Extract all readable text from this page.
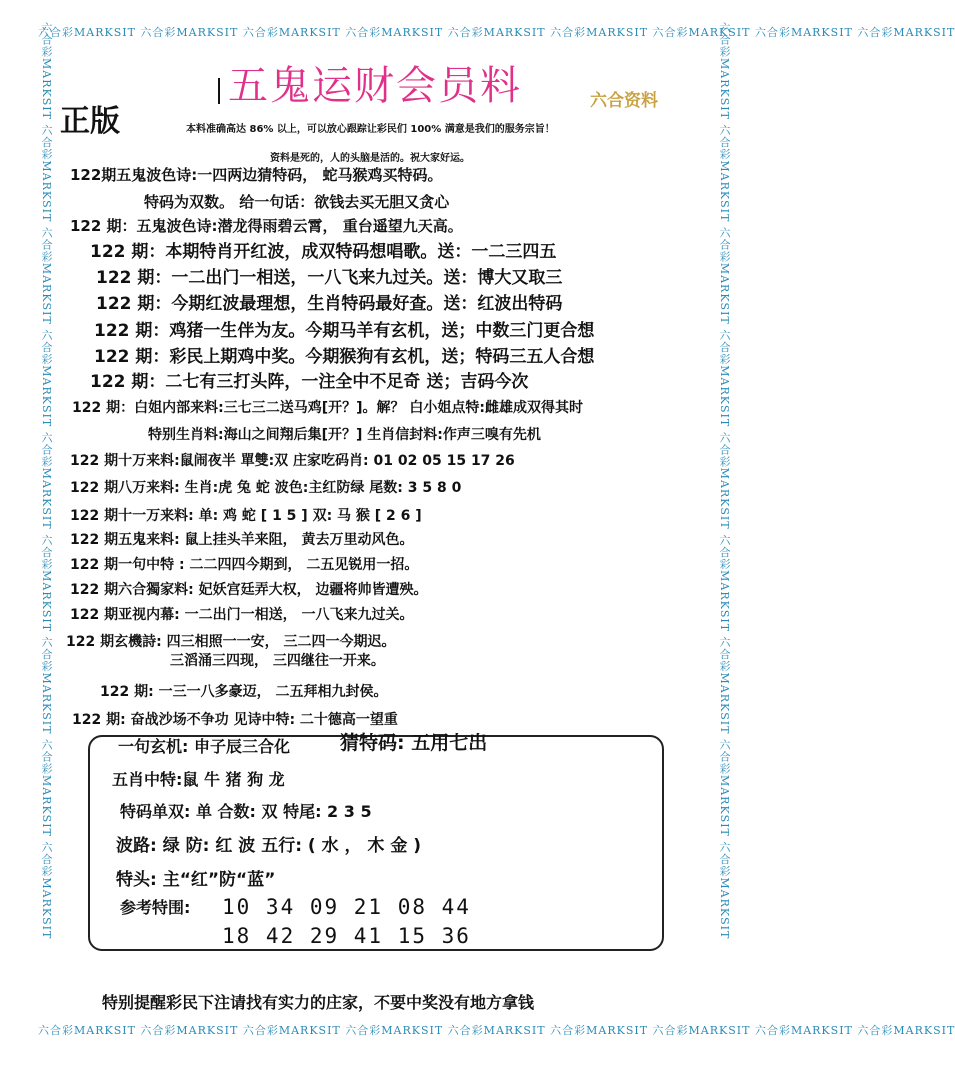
六合彩MARKSIT 六合彩MARKSIT 六合彩MARKSIT 六合彩MARKSIT 六合彩MARKSIT 六合彩MARKSIT 六合彩MARKSIT 六合彩MARKSIT 六合彩MARKSIT
六合彩MARKSIT 六合彩MARKSIT 六合彩MARKSIT 六合彩MARKSIT 六合彩MARKSIT 六合彩MARKSIT 六合彩MARKSIT 六合彩MARKSIT 六合彩MARKSIT
六合彩MARKSIT 六合彩MARKSIT 六合彩MARKSIT 六合彩MARKSIT 六合彩MARKSIT 六合彩MARKSIT 六合彩MARKSIT 六合彩MARKSIT 六合彩MARKSIT	六合彩MARKSIT 六合彩MARKSIT 六合彩MARKSIT 六合彩MARKSIT 六合彩MARKSIT 六合彩MARKSIT 六合彩MARKSIT 六合彩MARKSIT 六合彩MARKSIT
五鬼运财会员料
正版
六合资料
本料准确高达 86% 以上，可以放心跟踪让彩民们 100% 满意是我们的服务宗旨！
资料是死的，人的头脑是活的。祝大家好运。
122期五鬼波色诗:一四两边猜特码， 蛇马猴鸡买特码。
特码为双数。 给一句话：欲钱去买无胆又贪心
122 期：五鬼波色诗:潜龙得雨碧云霄， 重台遥望九天高。
122 期：本期特肖开红波，成双特码想唱歌。送：一二三四五
122 期：一二出门一相送，一八飞来九过关。送：博大又取三
122 期：今期红波最理想，生肖特码最好查。送：红波出特码
122 期：鸡猪一生伴为友。今期马羊有玄机，送；中数三门更合想
122 期：彩民上期鸡中奖。今期猴狗有玄机，送；特码三五人合想
122 期：二七有三打头阵，一注全中不足奇 送；吉码今次
122 期：白姐内部来料:三七三二送马鸡[开？]。解？ 白小姐点特:雌雄成双得其时
特别生肖料:海山之间翔后集[开？] 生肖信封料:作声三嗅有先机
122 期十万来料:鼠闹夜半 單雙:双 庄家吃码肖: 01 02 05 15 17 26
122 期八万来料: 生肖:虎 兔 蛇 波色:主红防绿 尾数: 3 5 8 0
122 期十一万来料: 单: 鸡 蛇 [ 1 5 ] 双: 马 猴 [ 2 6 ]
122 期五鬼来料: 鼠上挂头羊来阻， 黄去万里动风色。
122 期一句中特 : 二二四四今期到， 二五见锐用一招。
122 期六合獨家料: 妃妖宫廷弄大权， 边疆将帅皆遭殃。
122 期亚视内幕: 一二出门一相送， 一八飞来九过关。
122 期玄機詩: 四三相照一一安， 三二四一今期迟。
三滔涌三四现， 三四继往一开来。
122 期: 一三一八多豪迈， 二五拜相九封侯。
122 期: 奋战沙场不争功 见诗中特: 二十德高一望重
一句玄机: 申子辰三合化	猜特码: 五用七出
五肖中特:鼠 牛 猪 狗 龙
特码单双: 单 合数: 双 特尾: 2 3 5
波路: 绿 防: 红 波 五行: ( 水 ， 木 金 )
特头: 主“红”防“蓝”
参考特围: 10 34 09 21 08 44
18 42 29 41 15 36
特别提醒彩民下注请找有实力的庄家，不要中奖没有地方拿钱
